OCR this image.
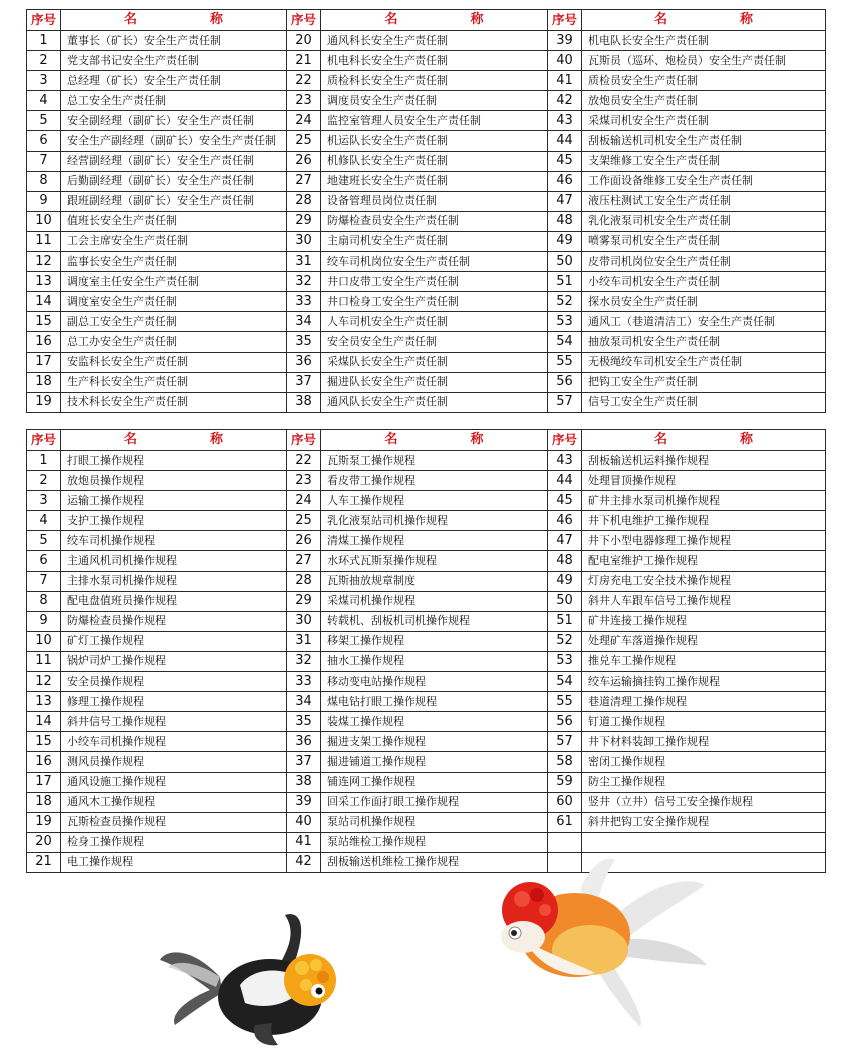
序号	名　称	序号	名　称	序号	名　称
1	董事长（矿长）安全生产责任制	20	通风科长安全生产责任制	39	机电队长安全生产责任制
2	党支部书记安全生产责任制	21	机电科长安全生产责任制	40	瓦斯员（巡环、炮检员）安全生产责任制
3	总经理（矿长）安全生产责任制	22	质检科长安全生产责任制	41	质检员安全生产责任制
4	总工安全生产责任制	23	调度员安全生产责任制	42	放炮员安全生产责任制
5	安全副经理（副矿长）安全生产责任制	24	监控室管理人员安全生产责任制	43	采煤司机安全生产责任制
6	安全生产副经理（副矿长）安全生产责任制	25	机运队长安全生产责任制	44	刮板输送机司机安全生产责任制
7	经营副经理（副矿长）安全生产责任制	26	机修队长安全生产责任制	45	支架维修工安全生产责任制
8	后勤副经理（副矿长）安全生产责任制	27	地建班长安全生产责任制	46	工作面设备维修工安全生产责任制
9	跟班副经理（副矿长）安全生产责任制	28	设备管理员岗位责任制	47	液压柱测试工安全生产责任制
10	值班长安全生产责任制	29	防爆检查员安全生产责任制	48	乳化液泵司机安全生产责任制
11	工会主席安全生产责任制	30	主扇司机安全生产责任制	49	喷雾泵司机安全生产责任制
12	监事长安全生产责任制	31	绞车司机岗位安全生产责任制	50	皮带司机岗位安全生产责任制
13	调度室主任安全生产责任制	32	井口皮带工安全生产责任制	51	小绞车司机安全生产责任制
14	调度室安全生产责任制	33	井口检身工安全生产责任制	52	探水员安全生产责任制
15	副总工安全生产责任制	34	人车司机安全生产责任制	53	通风工（巷道清洁工）安全生产责任制
16	总工办安全生产责任制	35	安全员安全生产责任制	54	抽放泵司机安全生产责任制
17	安监科长安全生产责任制	36	采煤队长安全生产责任制	55	无极绳绞车司机安全生产责任制
18	生产科长安全生产责任制	37	掘进队长安全生产责任制	56	把钩工安全生产责任制
19	技术科长安全生产责任制	38	通风队长安全生产责任制	57	信号工安全生产责任制
序号	名　称	序号	名　称	序号	名　称
1	打眼工操作规程	22	瓦斯泵工操作规程	43	刮板输送机运料操作规程
2	放炮员操作规程	23	看皮带工操作规程	44	处理冒顶操作规程
3	运输工操作规程	24	人车工操作规程	45	矿井主排水泵司机操作规程
4	支护工操作规程	25	乳化液泵站司机操作规程	46	井下机电维护工操作规程
5	绞车司机操作规程	26	清煤工操作规程	47	井下小型电器修理工操作规程
6	主通风机司机操作规程	27	水环式瓦斯泵操作规程	48	配电室维护工操作规程
7	主排水泵司机操作规程	28	瓦斯抽放规章制度	49	灯房充电工安全技术操作规程
8	配电盘值班员操作规程	29	采煤司机操作规程	50	斜井人车跟车信号工操作规程
9	防爆检查员操作规程	30	转载机、刮板机司机操作规程	51	矿井连接工操作规程
10	矿灯工操作规程	31	移架工操作规程	52	处理矿车落道操作规程
11	锅炉司炉工操作规程	32	抽水工操作规程	53	推兑车工操作规程
12	安全员操作规程	33	移动变电站操作规程	54	绞车运输摘挂钩工操作规程
13	修理工操作规程	34	煤电钻打眼工操作规程	55	巷道清理工操作规程
14	斜井信号工操作规程	35	装煤工操作规程	56	钉道工操作规程
15	小绞车司机操作规程	36	掘进支架工操作规程	57	井下材料装卸工操作规程
16	测风员操作规程	37	掘进铺道工操作规程	58	密闭工操作规程
17	通风设施工操作规程	38	铺连网工操作规程	59	防尘工操作规程
18	通风木工操作规程	39	回采工作面打眼工操作规程	60	竖井（立井）信号工安全操作规程
19	瓦斯检查员操作规程	40	泵站司机操作规程	61	斜井把钩工安全操作规程
20	检身工操作规程	41	泵站维检工操作规程		
21	电工操作规程	42	刮板输送机维检工操作规程		
